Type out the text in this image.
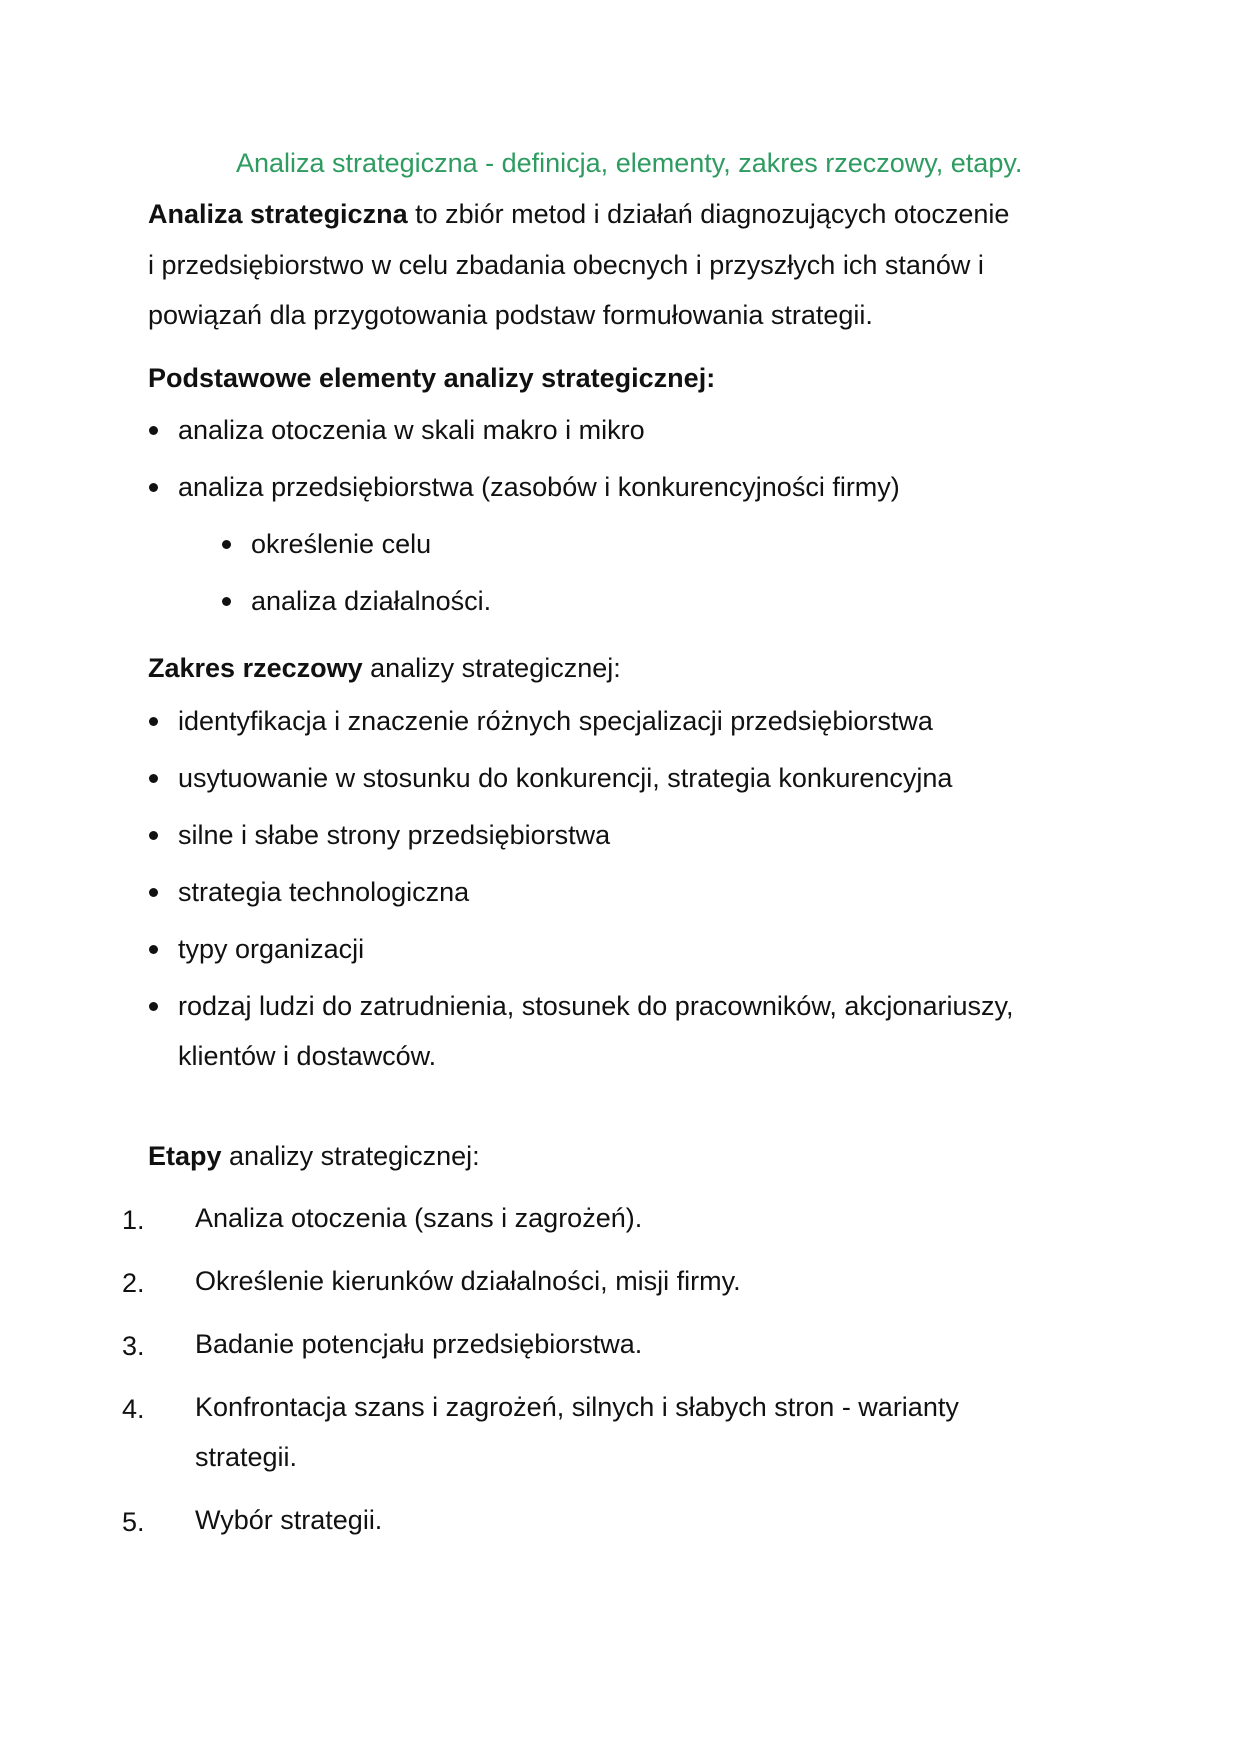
Analiza strategiczna - definicja, elementy, zakres rzeczowy, etapy.
Analiza strategiczna to zbiór metod i działań diagnozujących otoczenie
i przedsiębiorstwo w celu zbadania obecnych i przyszłych ich stanów i
powiązań dla przygotowania podstaw formułowania strategii.
Podstawowe elementy analizy strategicznej:
analiza otoczenia w skali makro i mikro
analiza przedsiębiorstwa (zasobów i konkurencyjności firmy)
określenie celu
analiza działalności.
Zakres rzeczowy analizy strategicznej:
identyfikacja i znaczenie różnych specjalizacji przedsiębiorstwa
usytuowanie w stosunku do konkurencji, strategia konkurencyjna
silne i słabe strony przedsiębiorstwa
strategia technologiczna
typy organizacji
rodzaj ludzi do zatrudnienia, stosunek do pracowników, akcjonariuszy,
klientów i dostawców.
Etapy analizy strategicznej:
1. Analiza otoczenia (szans i zagrożeń).
2. Określenie kierunków działalności, misji firmy.
3. Badanie potencjału przedsiębiorstwa.
4. Konfrontacja szans i zagrożeń, silnych i słabych stron - warianty
strategii.
5. Wybór strategii.
